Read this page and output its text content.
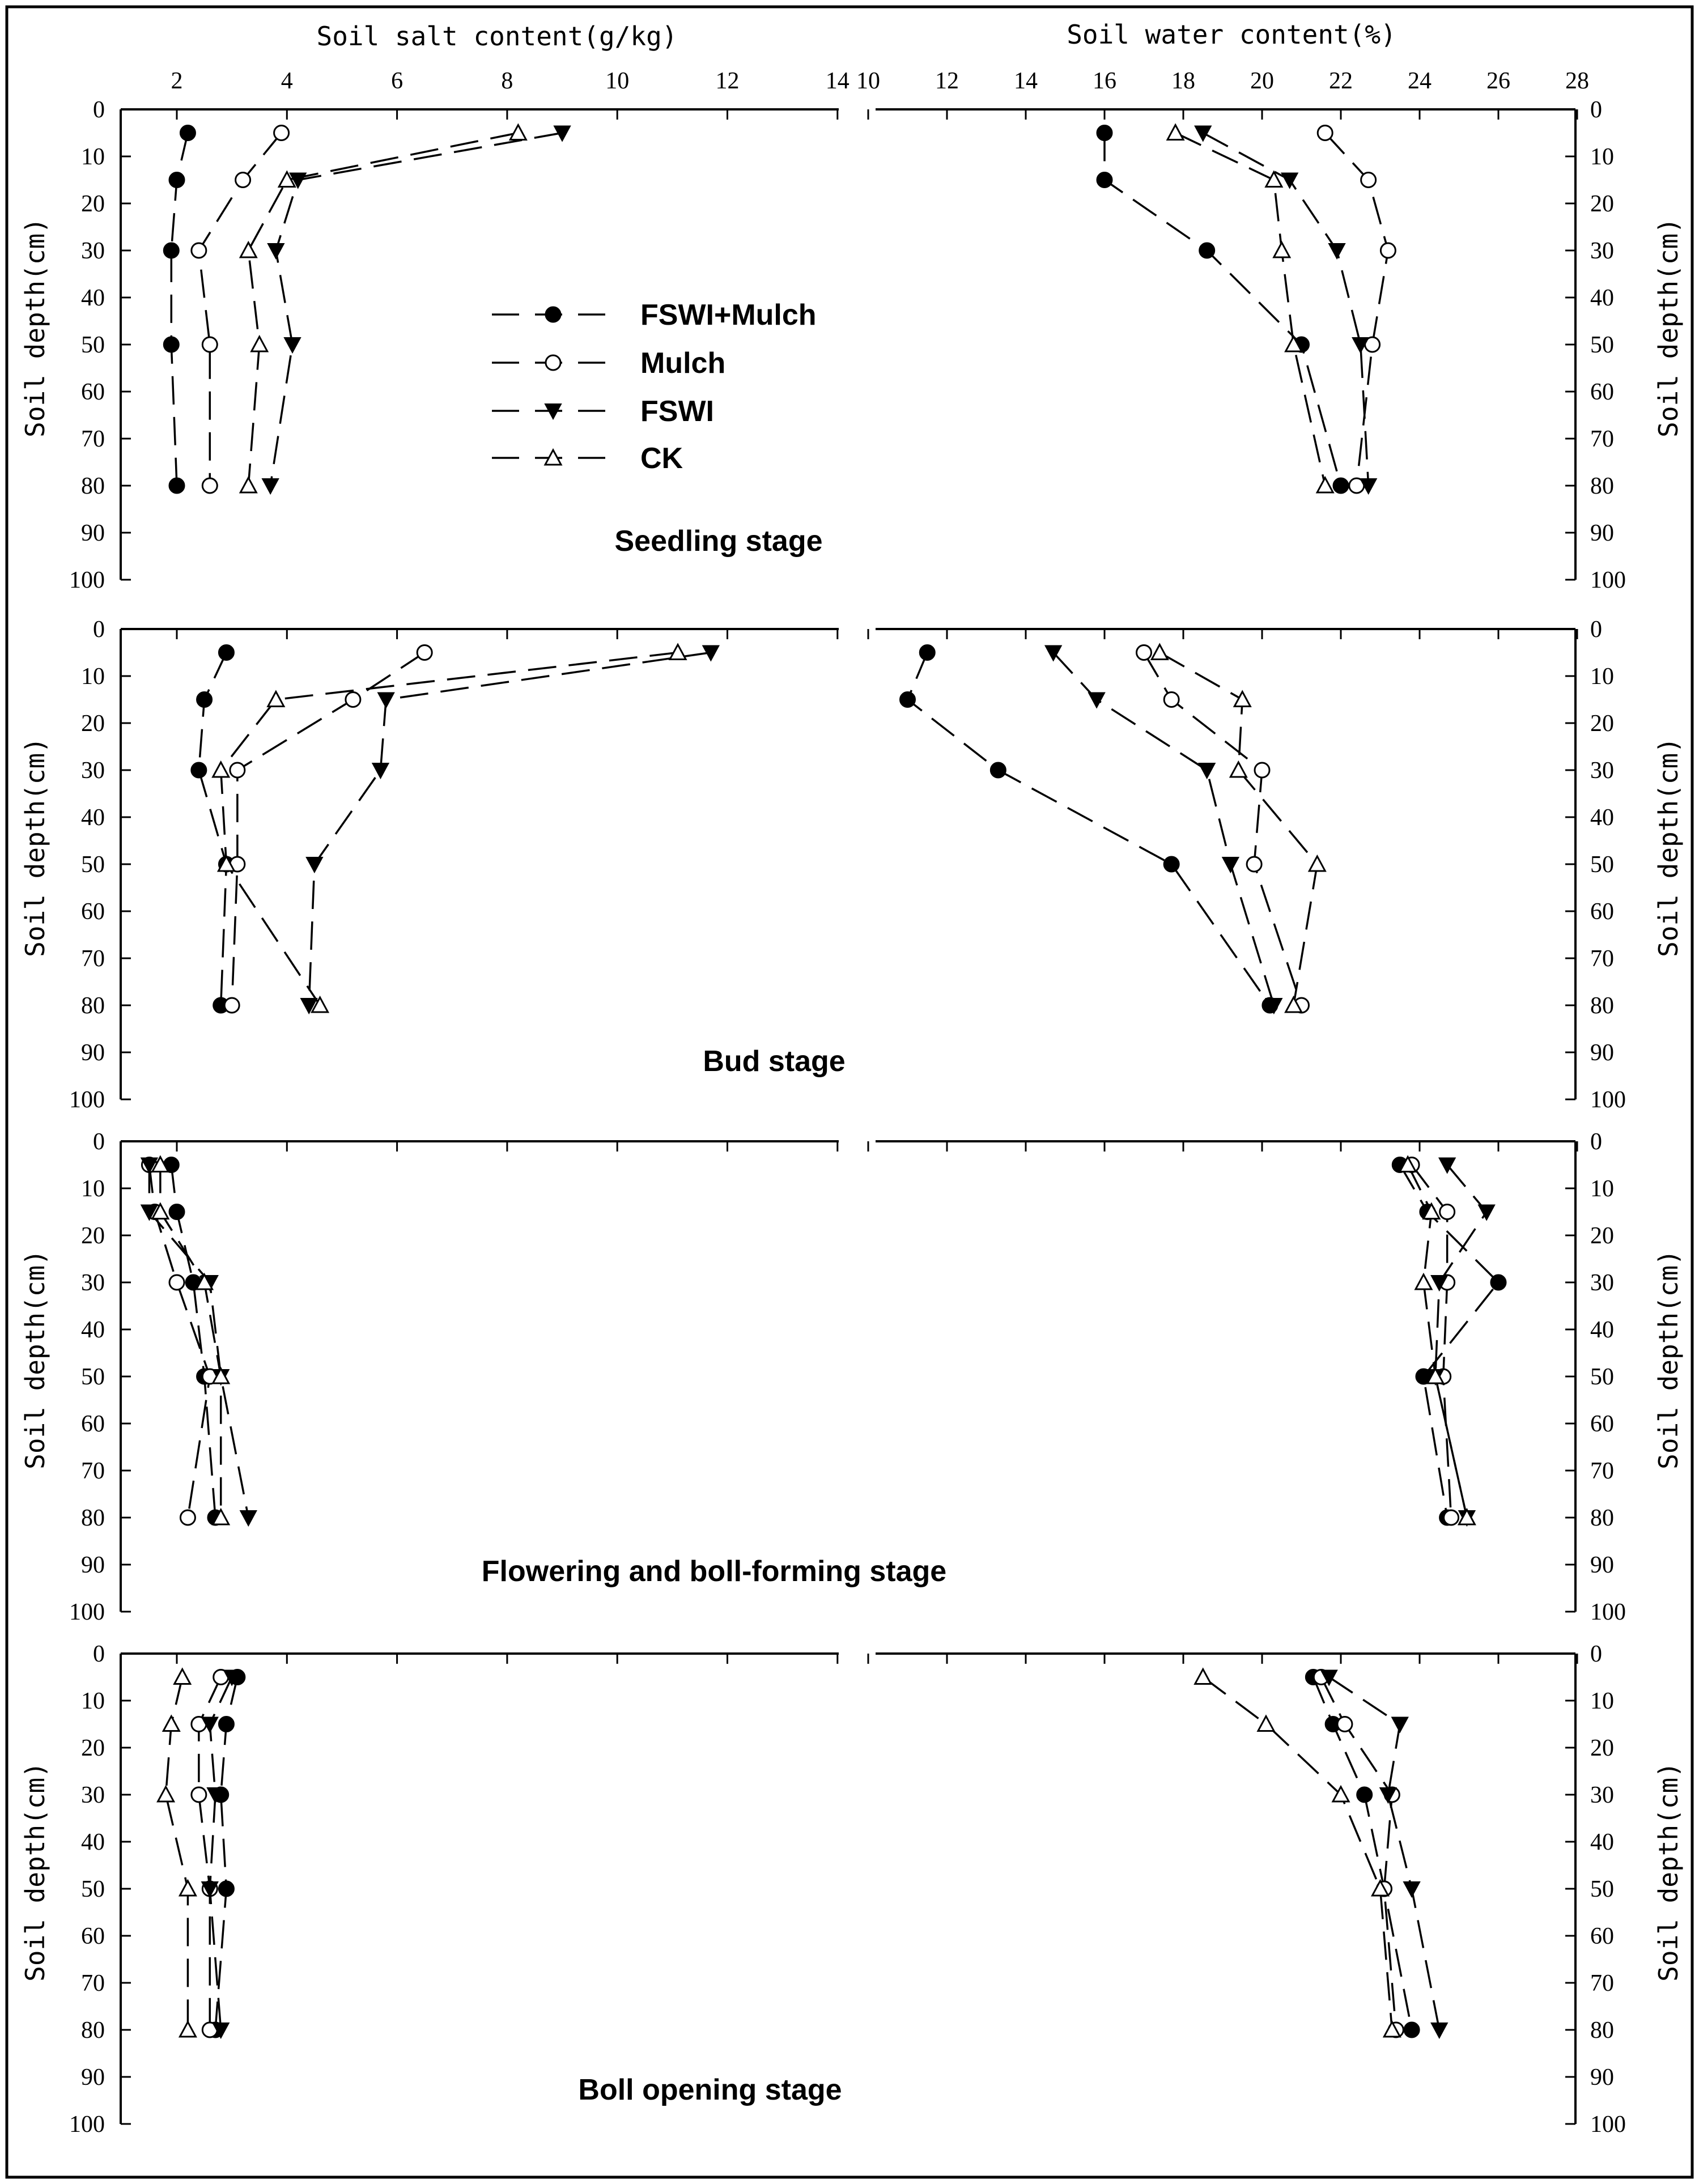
Soil salt content(g/kg)	Soil water content(%)
0	0
10	10
20	20
30	30
40	40
50	50
60	60
70	70
80	80
90	90
100	100
2	4	6	8	10	12	14 10 12 14 16 18 20 22 24 26 28
Soil depth(cm)	Soil depth(cm)
Seedling stage
0	0
10	10
20	20
30	30
40	40
50	50
60	60
70	70
80	80
90	90
100	100
Soil depth(cm)	Soil depth(cm)
Bud stage
0	0
10	10
20	20
30	30
40	40
50	50
60	60
70	70
80	80
90	90
100	100
Soil depth(cm)	Soil depth(cm)
Flowering and boll-forming stage
0	0
10	10
20	20
30	30
40	40
50	50
60	60
70	70
80	80
90	90
100	100
Soil depth(cm)	Soil depth(cm)
Boll opening stage
FSWI+Mulch
Mulch
FSWI
CK
